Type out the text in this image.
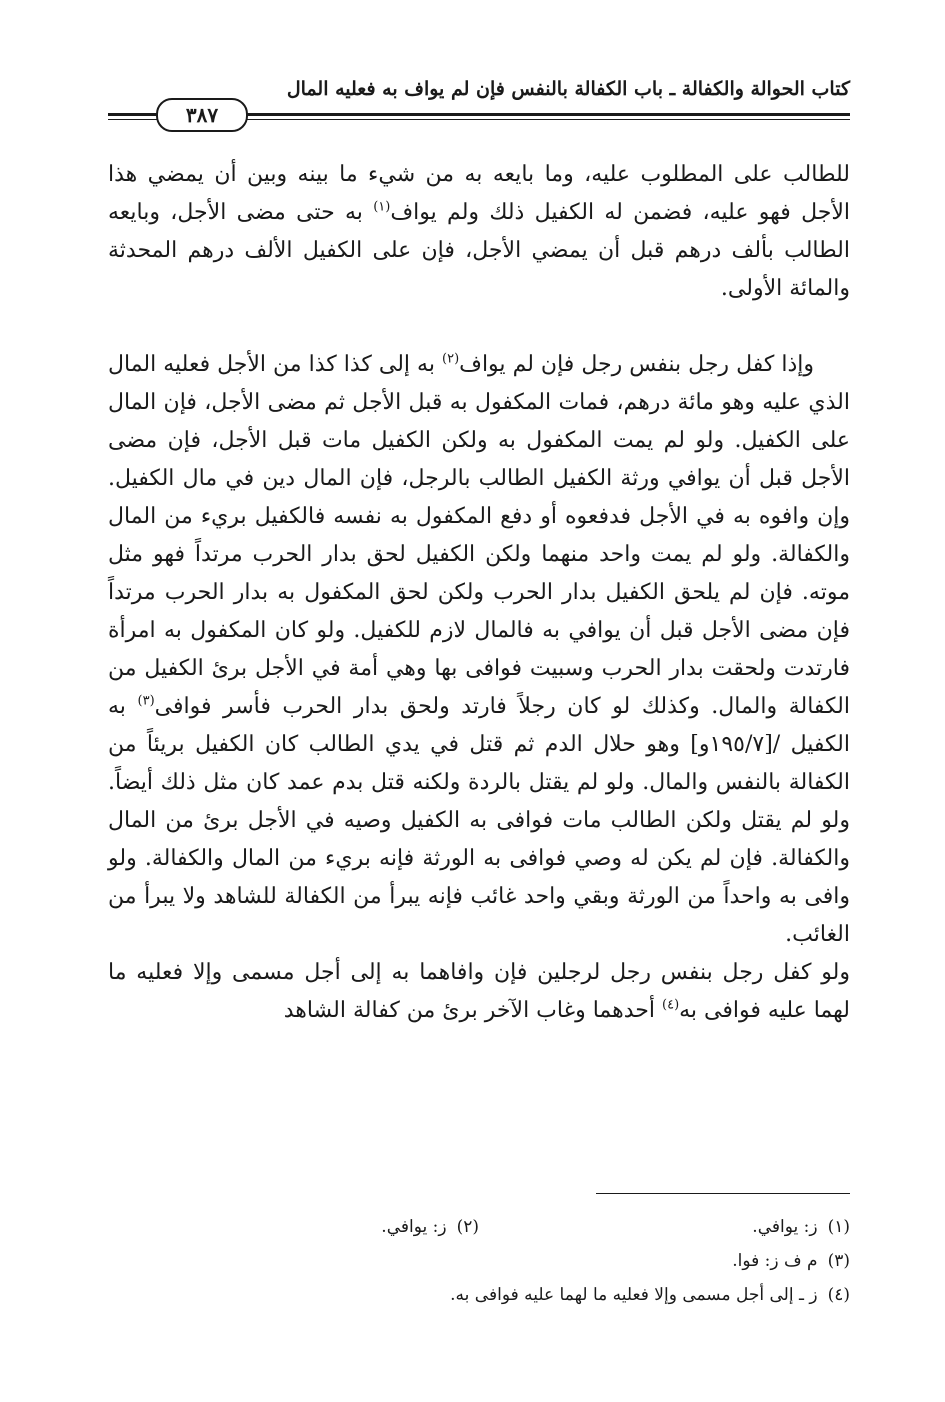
كتاب الحوالة والكفالة ـ باب الكفالة بالنفس فإن لم يواف به فعليه المال
٣٨٧

للطالب على المطلوب عليه، وما بايعه به من شيء ما بينه وبين أن يمضي هذا الأجل فهو عليه، فضمن له الكفيل ذلك ولم يواف$^{(١)}$ به حتى مضى الأجل، وبايعه الطالب بألف درهم قبل أن يمضي الأجل، فإن على الكفيل الألف درهم المحدثة والمائة الأولى.

وإذا كفل رجل بنفس رجل فإن لم يواف$^{(٢)}$ به إلى كذا كذا من الأجل فعليه المال الذي عليه وهو مائة درهم، فمات المكفول به قبل الأجل ثم مضى الأجل، فإن المال على الكفيل. ولو لم يمت المكفول به ولكن الكفيل مات قبل الأجل، فإن مضى الأجل قبل أن يوافي ورثة الكفيل الطالب بالرجل، فإن المال دين في مال الكفيل. وإن وافوه به في الأجل فدفعوه أو دفع المكفول به نفسه فالكفيل بريء من المال والكفالة. ولو لم يمت واحد منهما ولكن الكفيل لحق بدار الحرب مرتداً فهو مثل موته. فإن لم يلحق الكفيل بدار الحرب ولكن لحق المكفول به بدار الحرب مرتداً فإن مضى الأجل قبل أن يوافي به فالمال لازم للكفيل. ولو كان المكفول به امرأة فارتدت ولحقت بدار الحرب وسبيت فوافى بها وهي أمة في الأجل برئ الكفيل من الكفالة والمال. وكذلك لو كان رجلاً فارتد ولحق بدار الحرب فأسر فوافى$^{(٣)}$ به الكفيل /[١٩٥/٧و] وهو حلال الدم ثم قتل في يدي الطالب كان الكفيل بريئاً من الكفالة بالنفس والمال. ولو لم يقتل بالردة ولكنه قتل بدم عمد كان مثل ذلك أيضاً. ولو لم يقتل ولكن الطالب مات فوافى به الكفيل وصيه في الأجل برئ من المال والكفالة. فإن لم يكن له وصي فوافى به الورثة فإنه بريء من المال والكفالة. ولو وافى به واحداً من الورثة وبقي واحد غائب فإنه يبرأ من الكفالة للشاهد ولا يبرأ من الغائب.

ولو كفل رجل بنفس رجل لرجلين فإن وافاهما به إلى أجل مسمى وإلا فعليه ما لهما عليه فوافى به$^{(٤)}$ أحدهما وغاب الآخر برئ من كفالة الشاهد

(١)ز: يوافي.
(٢)ز: يوافي.
(٣)م ف ز: فوا.
(٤)ز ـ إلى أجل مسمى وإلا فعليه ما لهما عليه فوافى به.
